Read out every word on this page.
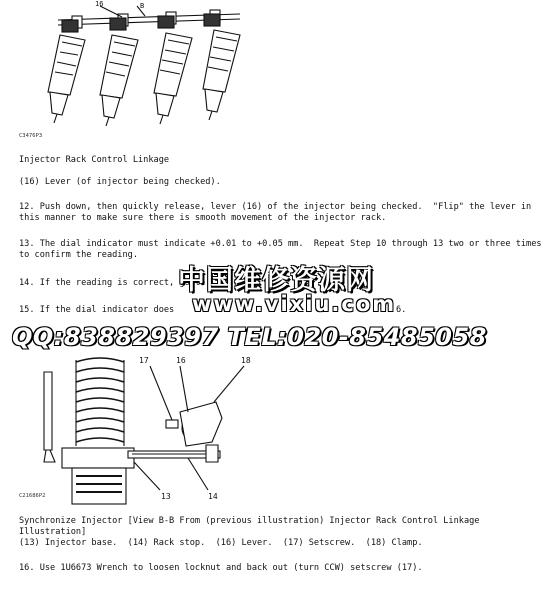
16	B
C3476P3
Injector Rack Control Linkage
(16) Lever (of injector being checked).
12. Push down, then quickly release, lever (16) of the injector being checked.  "Flip" the lever in
this manner to make sure there is smooth movement of the injector rack.
13. The dial indicator must indicate +0.01 to +0.05 mm.  Repeat Step 10 through 13 two or three times
to confirm the reading.
14. If the reading is correct, go to
15. If the dial indicator does	6.
中国维修资源网
www.vixiu.com
QQ:838829397 TEL:020-85485058
17	16	18
13	14
C21686P2
Synchronize Injector [View B-B From (previous illustration) Injector Rack Control Linkage Illustration]
(13) Injector base.  (14) Rack stop.  (16) Lever.  (17) Setscrew.  (18) Clamp.
16. Use 1U6673 Wrench to loosen locknut and back out (turn CCW) setscrew (17).
